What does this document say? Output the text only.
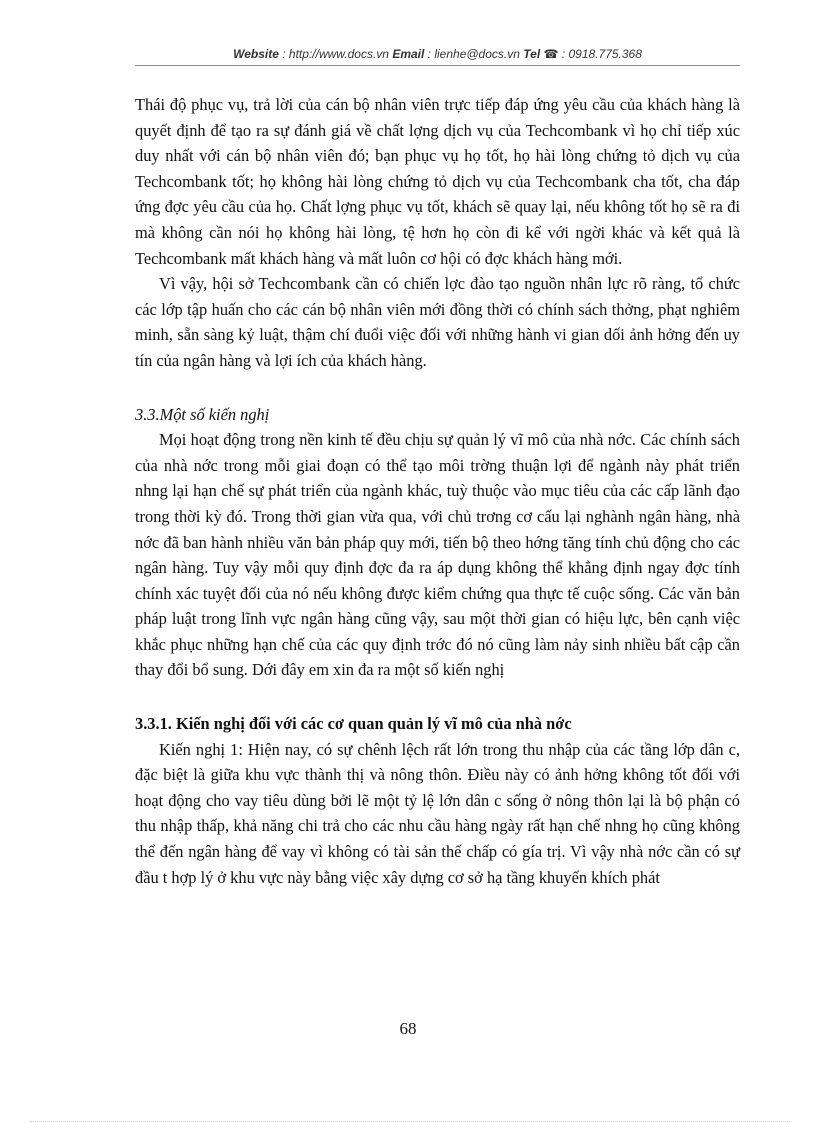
Website : http://www.docs.vn Email : lienhe@docs.vn Tel ☎ : 0918.775.368

Thái độ phục vụ, trả lời của cán bộ nhân viên trực tiếp đáp ứng yêu cầu của khách hàng là quyết định để tạo ra sự đánh giá về chất lợng dịch vụ của Techcombank vì họ chỉ tiếp xúc duy nhất với cán bộ nhân viên đó; bạn phục vụ họ tốt, họ hài lòng chứng tỏ dịch vụ của Techcombank tốt; họ không hài lòng chứng tỏ dịch vụ của Techcombank cha tốt, cha đáp ứng đợc yêu cầu của họ. Chất lợng phục vụ tốt, khách sẽ quay lại, nếu không tốt họ sẽ ra đi mà không cần nói họ không hài lòng, tệ hơn họ còn đi kể với ngời khác và kết quả là Techcombank mất khách hàng và mất luôn cơ hội có đợc khách hàng mới.

Vì vậy, hội sở Techcombank cần có chiến lợc đào tạo nguồn nhân lực rõ ràng, tổ chức các lớp tập huấn cho các cán bộ nhân viên mới đồng thời có chính sách thởng, phạt nghiêm minh, sẵn sàng kỷ luật, thậm chí đuổi việc đối với những hành vi gian dối ảnh hởng đến uy tín của ngân hàng và lợi ích của khách hàng.

3.3.Một số kiến nghị

Mọi hoạt động trong nền kinh tế đều chịu sự quản lý vĩ mô của nhà nớc. Các chính sách của nhà nớc trong mỗi giai đoạn có thể tạo môi trờng thuận lợi để ngành này phát triển nhng lại hạn chế sự phát triển của ngành khác, tuỳ thuộc vào mục tiêu của các cấp lãnh đạo trong thời kỳ đó. Trong thời gian vừa qua, với chủ trơng cơ cấu lại nghành ngân hàng, nhà nớc đã ban hành nhiều văn bản pháp quy mới, tiến bộ theo hớng tăng tính chủ động cho các ngân hàng. Tuy vậy mỗi quy định đợc đa ra áp dụng không thể khẳng định ngay đợc tính chính xác tuyệt đối của nó nếu không được kiểm chứng qua thực tế cuộc sống. Các văn bản pháp luật trong lĩnh vực ngân hàng cũng vậy, sau một thời gian có hiệu lực, bên cạnh việc khắc phục những hạn chế của các quy định trớc đó nó cũng làm nảy sinh nhiều bất cập cần thay đổi bổ sung. Dới đây em xin đa ra một số kiến nghị

3.3.1. Kiến nghị đối với các cơ quan quản lý vĩ mô của nhà nớc

Kiến nghị 1: Hiện nay, có sự chênh lệch rất lớn trong thu nhập của các tầng lớp dân c, đặc biệt là giữa khu vực thành thị và nông thôn. Điều này có ảnh hởng không tốt đối với hoạt động cho vay tiêu dùng bởi lẽ một tỷ lệ lớn dân c sống ở nông thôn lại là bộ phận có thu nhập thấp, khả năng chi trả cho các nhu cầu hàng ngày rất hạn chế nhng họ cũng không thể đến ngân hàng để vay vì không có tài sản thế chấp có gía trị. Vì vậy nhà nớc cần có sự đầu t hợp lý ở khu vực này bằng việc xây dựng cơ sở hạ tầng khuyến khích phát

68
